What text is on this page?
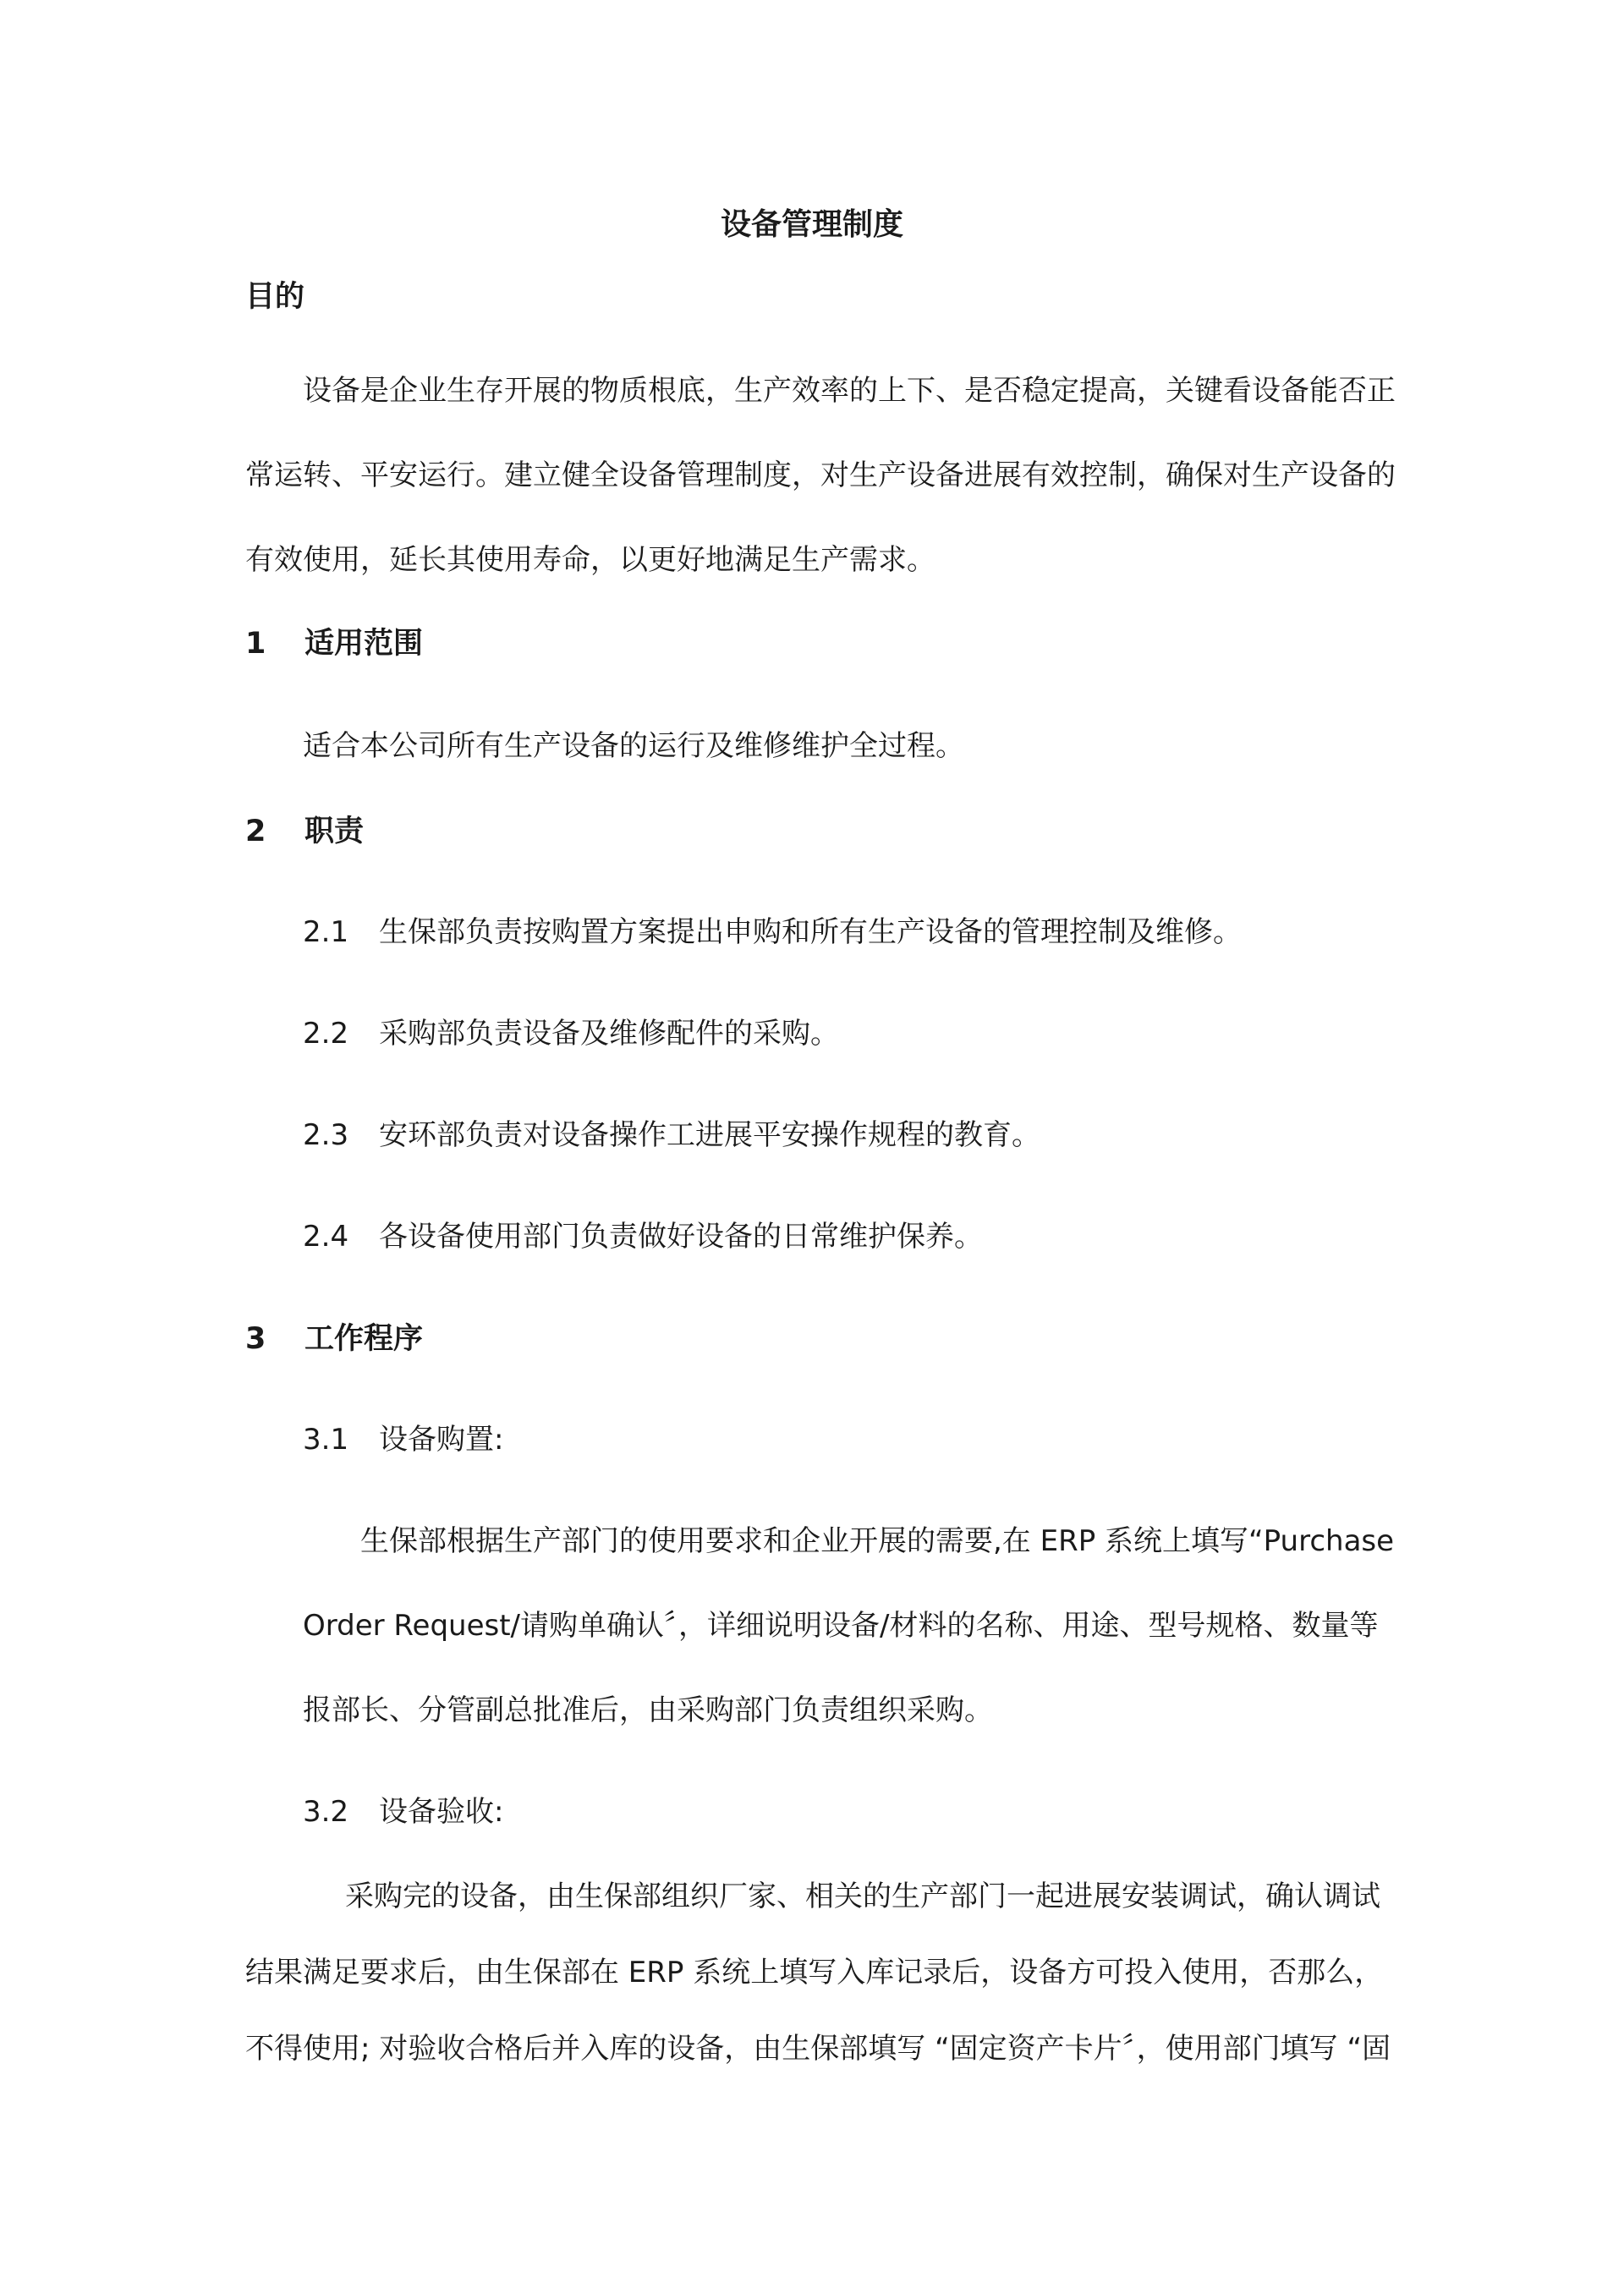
设备管理制度
目的
设备是企业生存开展的物质根底，生产效率的上下、是否稳定提高，关键看设备能否正
常运转、平安运行。建立健全设备管理制度，对生产设备进展有效控制，确保对生产设备的
有效使用，延长其使用寿命，以更好地满足生产需求。
1 适用范围
适合本公司所有生产设备的运行及维修维护全过程。
2 职责
2.1 生保部负责按购置方案提出申购和所有生产设备的管理控制及维修。
2.2 采购部负责设备及维修配件的采购。
2.3 安环部负责对设备操作工进展平安操作规程的教育。
2.4 各设备使用部门负责做好设备的日常维护保养。
3 工作程序
3.1 设备购置:
生保部根据生产部门的使用要求和企业开展的需要,在 ERP 系统上填写“Purchase
Order Request/请购单确认〞，详细说明设备/材料的名称、用途、型号规格、数量等
报部长、分管副总批准后，由采购部门负责组织采购。
3.2 设备验收:
采购完的设备，由生保部组织厂家、相关的生产部门一起进展安装调试，确认调试
结果满足要求后，由生保部在 ERP 系统上填写入库记录后，设备方可投入使用，否那么，
不得使用; 对验收合格后并入库的设备，由生保部填写 “固定资产卡片〞，使用部门填写 “固
